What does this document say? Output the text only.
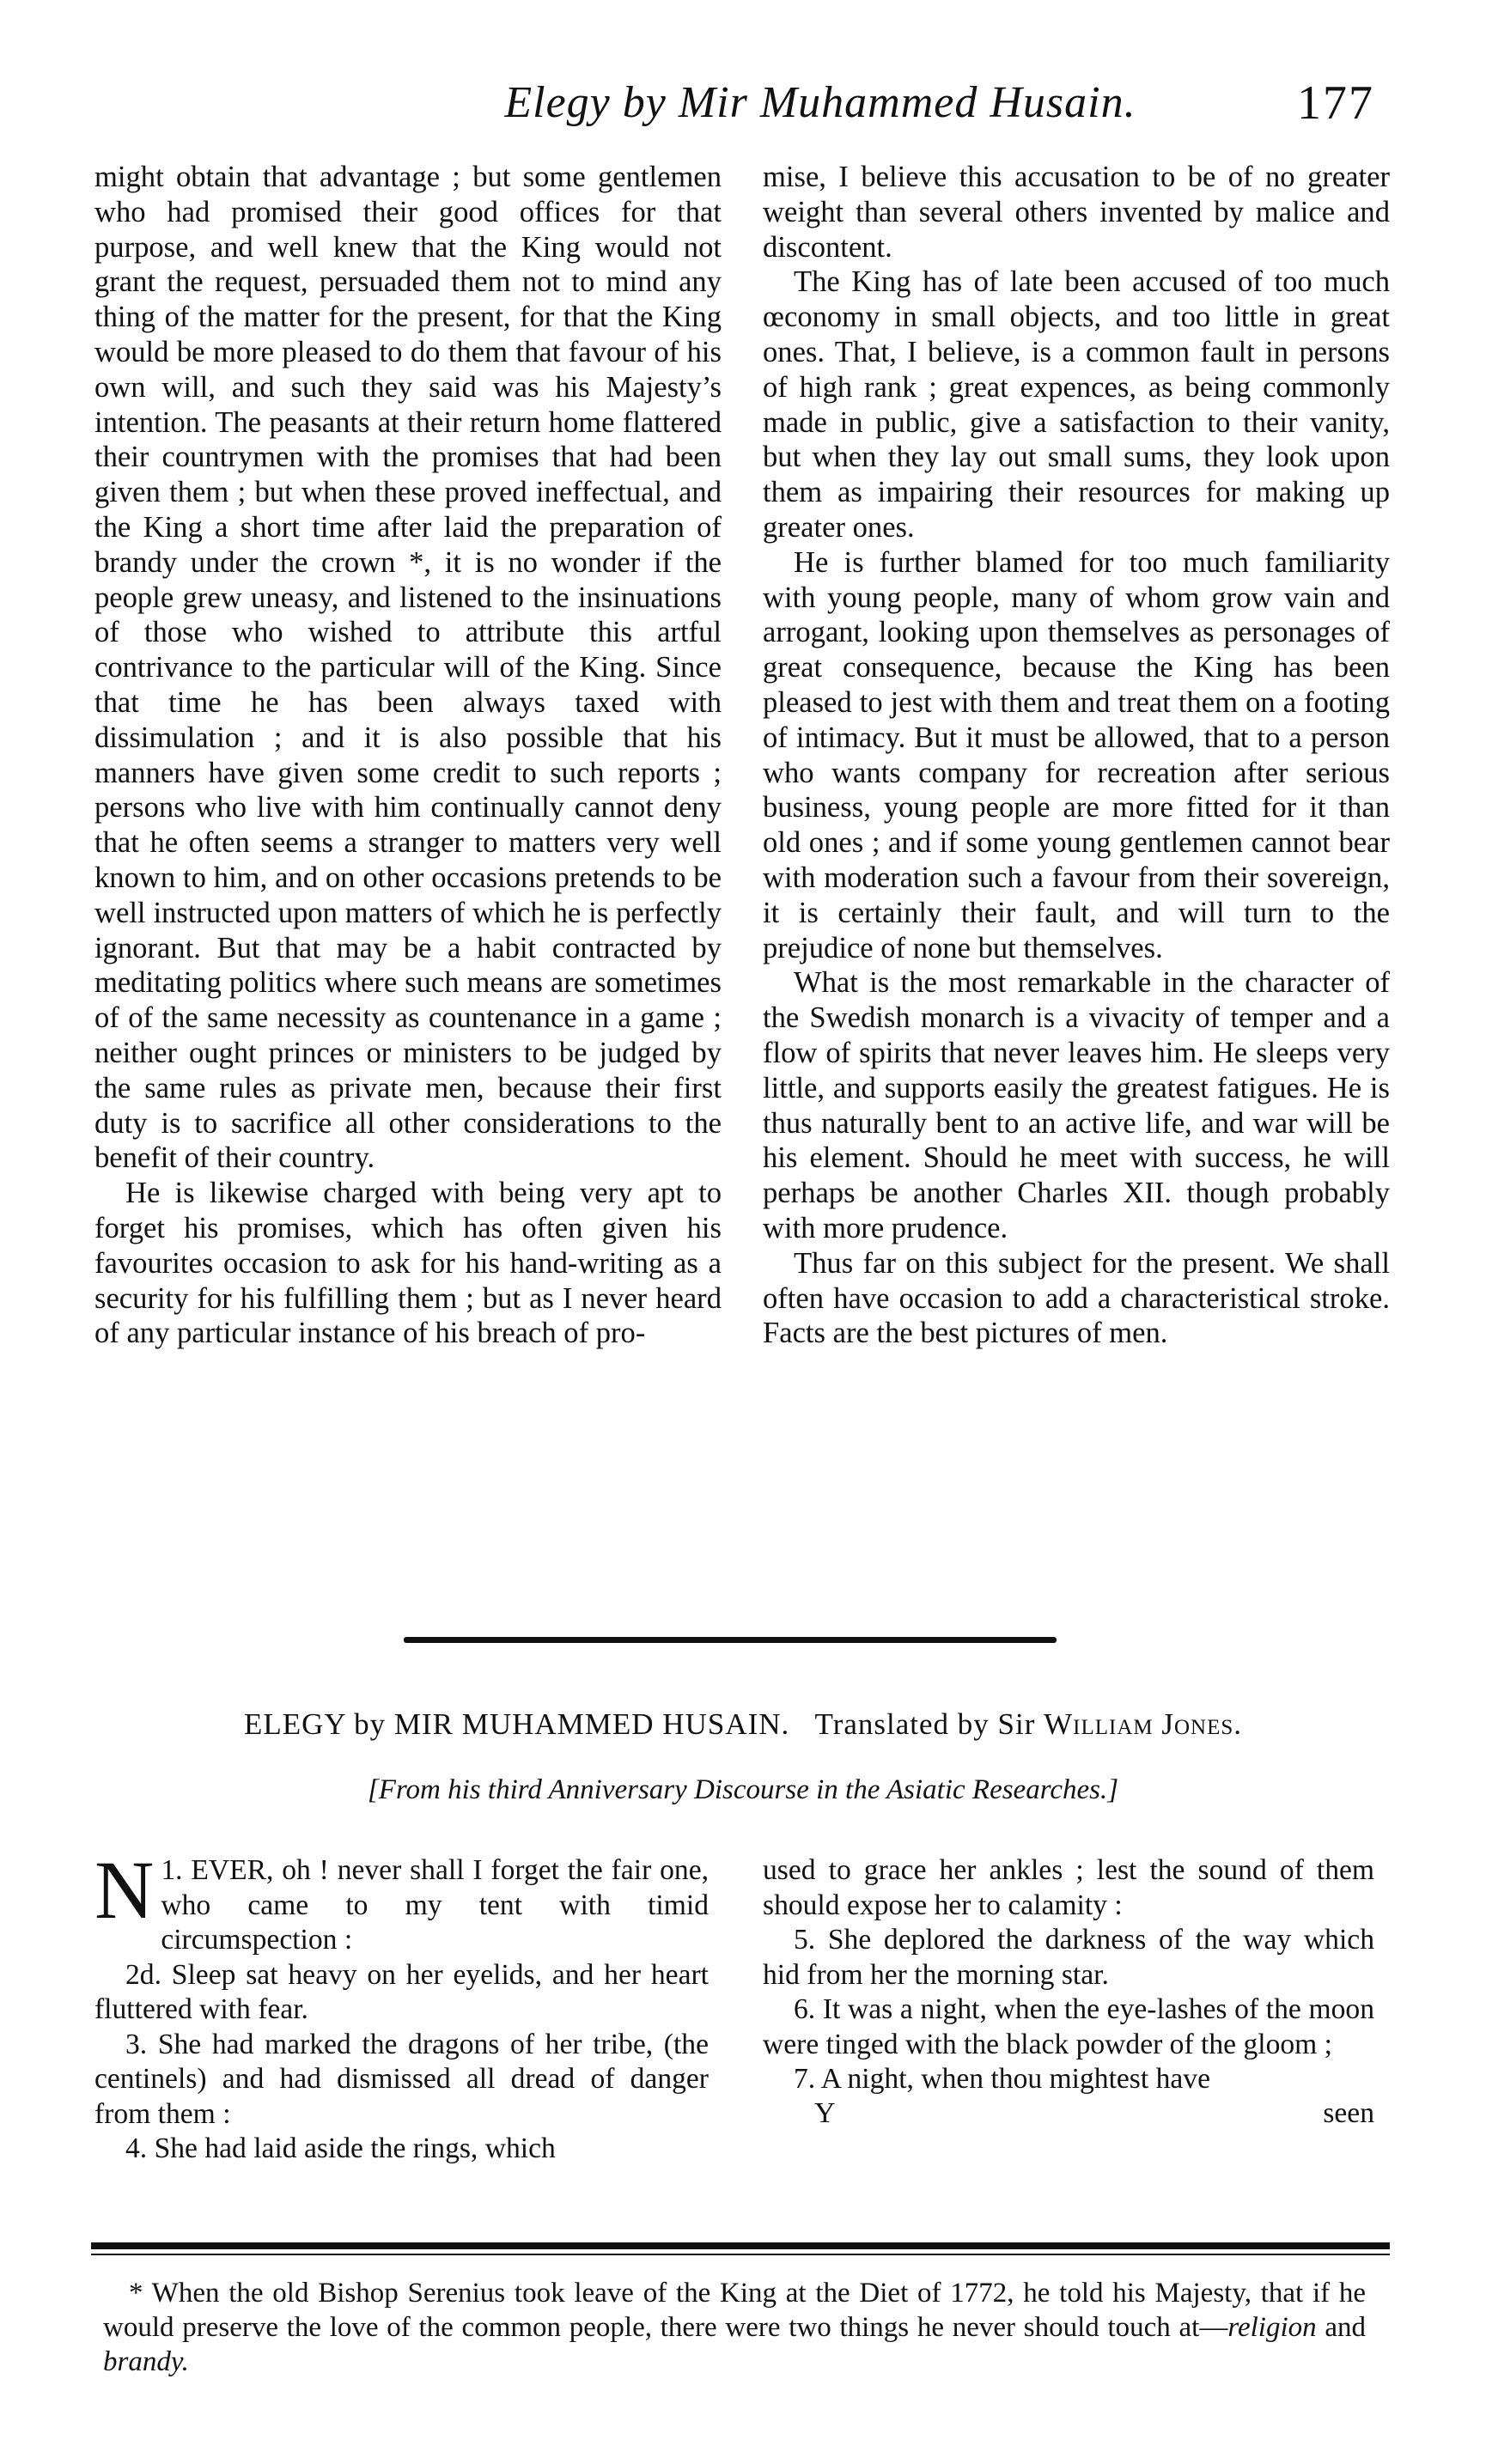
Elegy by Mir Muhammed Husain.	177

might obtain that advantage ; but some gentlemen who had promised their good offices for that purpose, and well knew that the King would not grant the request, persuaded them not to mind any thing of the matter for the present, for that the King would be more pleased to do them that favour of his own will, and such they said was his Majesty’s intention. The peasants at their return home flattered their countrymen with the promises that had been given them ; but when these proved ineffectual, and the King a short time after laid the preparation of brandy under the crown *, it is no wonder if the people grew uneasy, and listened to the insinuations of those who wished to attribute this artful contrivance to the particular will of the King. Since that time he has been always taxed with dissimulation ; and it is also possible that his manners have given some credit to such reports ; persons who live with him continually cannot deny that he often seems a stranger to matters very well known to him, and on other occasions pretends to be well instructed upon matters of which he is perfectly ignorant. But that may be a habit contracted by meditating politics where such means are sometimes of of the same necessity as countenance in a game ; neither ought princes or ministers to be judged by the same rules as private men, because their first duty is to sacrifice all other considerations to the benefit of their country.

He is likewise charged with being very apt to forget his promises, which has often given his favourites occasion to ask for his hand-writing as a security for his fulfilling them ; but as I never heard of any particular instance of his breach of pro-

mise, I believe this accusation to be of no greater weight than several others invented by malice and discontent.

The King has of late been accused of too much œconomy in small objects, and too little in great ones. That, I believe, is a common fault in persons of high rank ; great expences, as being commonly made in public, give a satisfaction to their vanity, but when they lay out small sums, they look upon them as impairing their resources for making up greater ones.

He is further blamed for too much familiarity with young people, many of whom grow vain and arrogant, looking upon themselves as personages of great consequence, because the King has been pleased to jest with them and treat them on a footing of intimacy. But it must be allowed, that to a person who wants company for recreation after serious business, young people are more fitted for it than old ones ; and if some young gentlemen cannot bear with moderation such a favour from their sovereign, it is certainly their fault, and will turn to the prejudice of none but themselves.

What is the most remarkable in the character of the Swedish monarch is a vivacity of temper and a flow of spirits that never leaves him. He sleeps very little, and supports easily the greatest fatigues. He is thus naturally bent to an active life, and war will be his element. Should he meet with success, he will perhaps be another Charles XII. though probably with more prudence.

Thus far on this subject for the present. We shall often have occasion to add a characteristical stroke. Facts are the best pictures of men.

ELEGY by MIR MUHAMMED HUSAIN. Translated by Sir William Jones.
[From his third Anniversary Discourse in the Asiatic Researches.]

N 1. EVER, oh ! never shall I forget the fair one, who came to my tent with timid circumspection :

2d. Sleep sat heavy on her eyelids, and her heart fluttered with fear.

3. She had marked the dragons of her tribe, (the centinels) and had dismissed all dread of danger from them :

4. She had laid aside the rings, which

used to grace her ankles ; lest the sound of them should expose her to calamity :

5. She deplored the darkness of the way which hid from her the morning star.

6. It was a night, when the eye-lashes of the moon were tinged with the black powder of the gloom ;

7. A night, when thou mightest have

Y	seen

* When the old Bishop Serenius took leave of the King at the Diet of 1772, he told his Majesty, that if he would preserve the love of the common people, there were two things he never should touch at—religion and brandy.
